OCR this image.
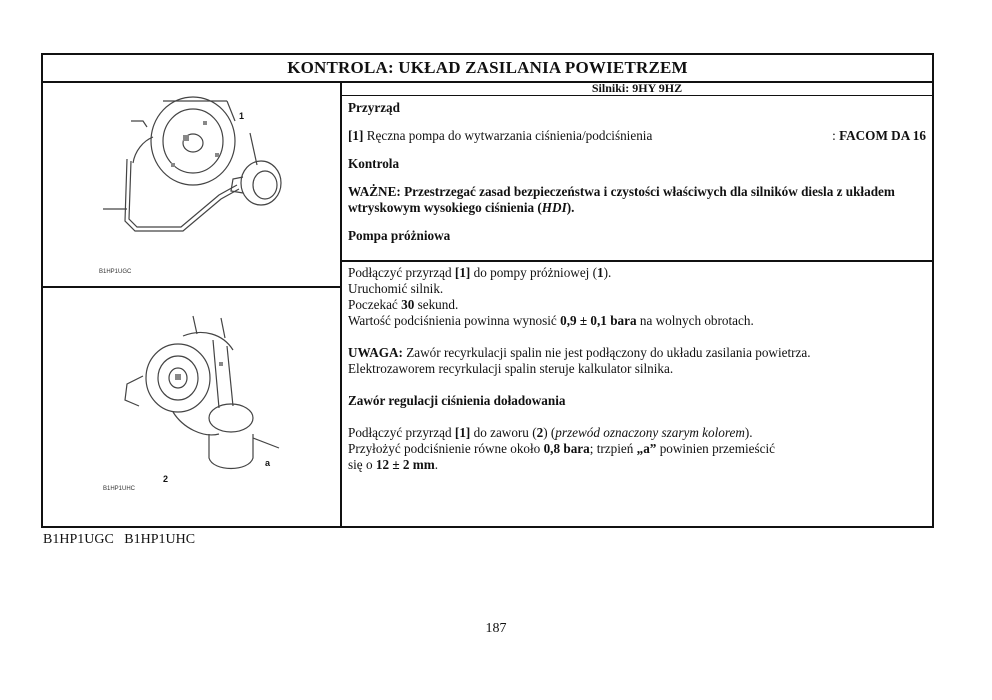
KONTROLA: UKŁAD ZASILANIA POWIETRZEM
1
B1HP1UGC
2
a
B1HP1UHC
Silniki: 9HY 9HZ

Przyrząd

[1] Ręczna pompa do wytwarzania ciśnienia/podciśnienia	: FACOM DA 16

Kontrola

WAŻNE: Przestrzegać zasad bezpieczeństwa i czystości właściwych dla silników diesla z układem wtryskowym wysokiego ciśnienia (HDI).

Pompa próżniowa

Podłączyć przyrząd [1] do pompy próżniowej (1).

Uruchomić silnik.

Poczekać 30 sekund.

Wartość podciśnienia powinna wynosić 0,9 ± 0,1 bara na wolnych obrotach.

UWAGA: Zawór recyrkulacji spalin nie jest podłączony do układu zasilania powietrza.

Elektrozaworem recyrkulacji spalin steruje kalkulator silnika.

Zawór regulacji ciśnienia doładowania

Podłączyć przyrząd [1] do zaworu (2) (przewód oznaczony szarym kolorem).

Przyłożyć podciśnienie równe około 0,8 bara; trzpień „a” powinien przemieścić

się o 12 ± 2 mm.

B1HP1UGC   B1HP1UHC
187
